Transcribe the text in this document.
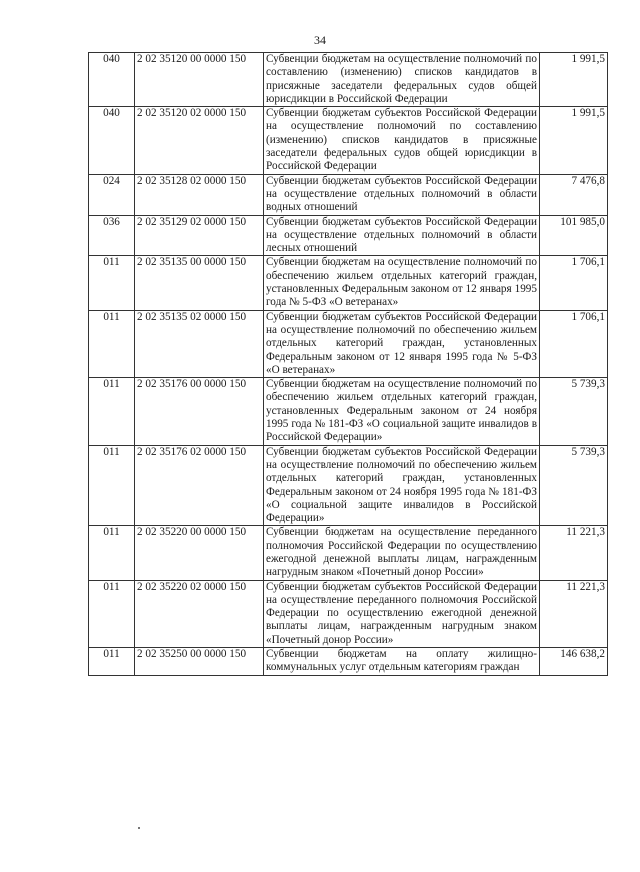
34
040	2 02 35120 00 0000 150	Субвенции бюджетам на осуществление полномочий по составлению (изменению) списков кандидатов в присяжные заседатели федеральных судов общей юрисдикции в Российской Федерации	1 991,5
040	2 02 35120 02 0000 150	Субвенции бюджетам субъектов Российской Федерации на осуществление полномочий по составлению (изменению) списков кандидатов в присяжные заседатели федеральных судов общей юрисдикции в Российской Федерации	1 991,5
024	2 02 35128 02 0000 150	Субвенции бюджетам субъектов Российской Федерации на осуществление отдельных полномочий в области водных отношений	7 476,8
036	2 02 35129 02 0000 150	Субвенции бюджетам субъектов Российской Федерации на осуществление отдельных полномочий в области лесных отношений	101 985,0
011	2 02 35135 00 0000 150	Субвенции бюджетам на осуществление полномочий по обеспечению жильем отдельных категорий граждан, установленных Федеральным законом от 12 января 1995 года № 5-ФЗ «О ветеранах»	1 706,1
011	2 02 35135 02 0000 150	Субвенции бюджетам субъектов Российской Федерации на осуществление полномочий по обеспечению жильем отдельных категорий граждан, установленных Федеральным законом от 12 января 1995 года № 5-ФЗ «О ветеранах»	1 706,1
011	2 02 35176 00 0000 150	Субвенции бюджетам на осуществление полномочий по обеспечению жильем отдельных категорий граждан, установленных Федеральным законом от 24 ноября 1995 года № 181-ФЗ «О социальной защите инвалидов в Российской Федерации»	5 739,3
011	2 02 35176 02 0000 150	Субвенции бюджетам субъектов Российской Федерации на осуществление полномочий по обеспечению жильем отдельных категорий граждан, установленных Федеральным законом от 24 ноября 1995 года № 181-ФЗ «О социальной защите инвалидов в Российской Федерации»	5 739,3
011	2 02 35220 00 0000 150	Субвенции бюджетам на осуществление переданного полномочия Российской Федерации по осуществлению ежегодной денежной выплаты лицам, награжденным нагрудным знаком «Почетный донор России»	11 221,3
011	2 02 35220 02 0000 150	Субвенции бюджетам субъектов Российской Федерации на осуществление переданного полномочия Российской Федерации по осуществлению ежегодной денежной выплаты лицам, награжденным нагрудным знаком «Почетный донор России»	11 221,3
011	2 02 35250 00 0000 150	Субвенции бюджетам на оплату жилищно-коммунальных услуг отдельным категориям граждан	146 638,2
